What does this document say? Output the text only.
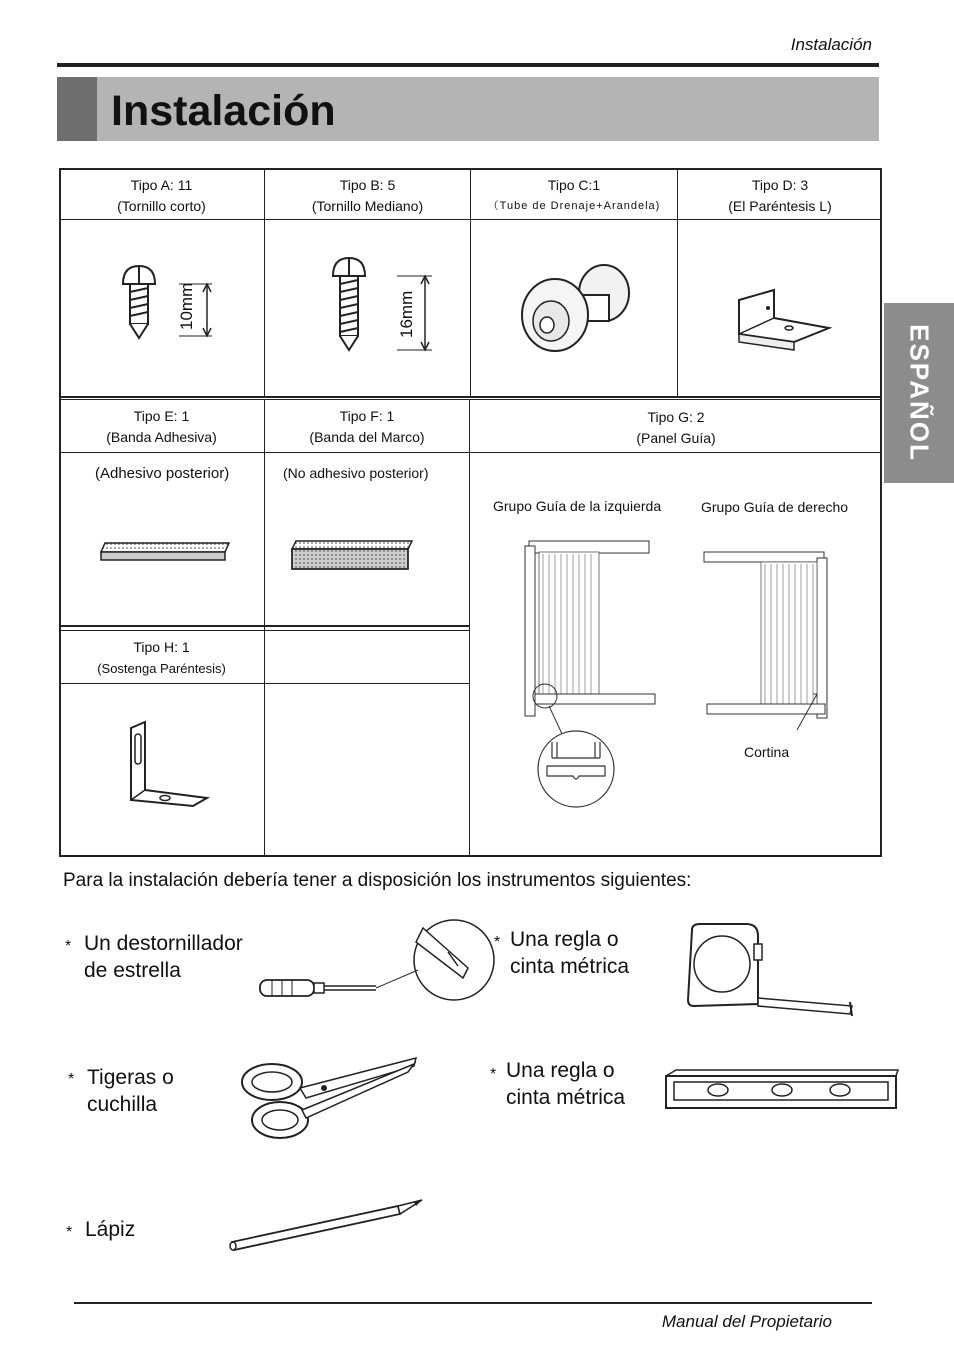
Instalación
Instalación
ESPAÑOL
Tipo A: 11
(Tornillo corto)
Tipo B: 5
(Tornillo Mediano)
Tipo C:1
（Tube de Drenaje+Arandela)
Tipo D: 3
(El Paréntesis L)
Tipo E: 1
(Banda Adhesiva)
Tipo F: 1
(Banda del Marco)
Tipo G: 2
(Panel Guía)
Tipo H: 1
(Sostenga Paréntesis)
(Adhesivo posterior)	(No adhesivo posterior)
Grupo Guía de la izquierda	Grupo Guía de derecho
Cortina
10mm	16mm
Para la instalación debería tener a disposición los instrumentos siguientes:
* Un destornillador
de estrella
* Una regla o
cinta métrica
* Tigeras o
cuchilla
* Una regla o
cinta métrica
* Lápiz
Manual del Propietario
